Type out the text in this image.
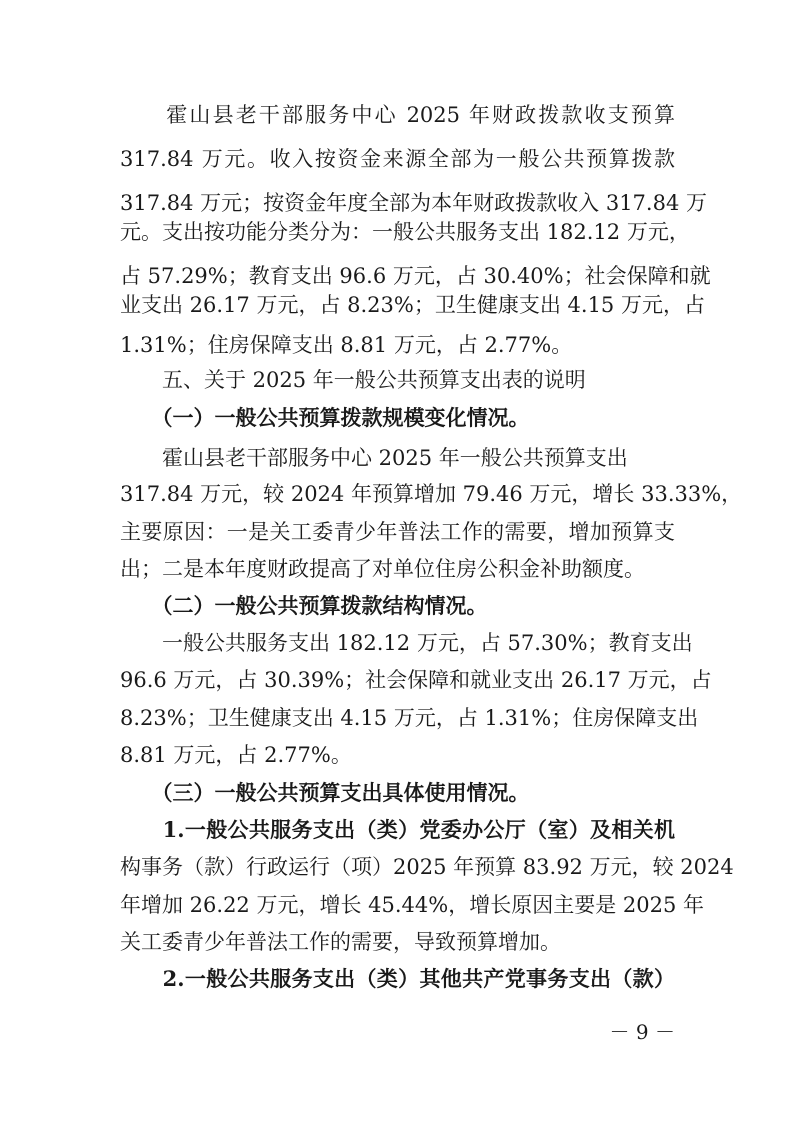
　　霍山县老干部服务中心 2025 年财政拨款收支预算
317.84 万元。收入按资金来源全部为一般公共预算拨款
317.84 万元；按资金年度全部为本年财政拨款收入 317.84 万
元。支出按功能分类分为：一般公共服务支出 182.12 万元，
占 57.29%；教育支出 96.6 万元，占 30.40%；社会保障和就
业支出 26.17 万元，占 8.23%；卫生健康支出 4.15 万元，占
1.31%；住房保障支出 8.81 万元，占 2.77%。
　　五、关于 2025 年一般公共预算支出表的说明
　　（一）一般公共预算拨款规模变化情况。
　　霍山县老干部服务中心 2025 年一般公共预算支出
317.84 万元，较 2024 年预算增加 79.46 万元，增长 33.33%，
主要原因：一是关工委青少年普法工作的需要，增加预算支
出；二是本年度财政提高了对单位住房公积金补助额度。
　　（二）一般公共预算拨款结构情况。
　　一般公共服务支出 182.12 万元，占 57.30%；教育支出
96.6 万元，占 30.39%；社会保障和就业支出 26.17 万元，占
8.23%；卫生健康支出 4.15 万元，占 1.31%；住房保障支出
8.81 万元，占 2.77%。
　　（三）一般公共预算支出具体使用情况。
　　1.一般公共服务支出（类）党委办公厅（室）及相关机
构事务（款）行政运行（项）2025 年预算 83.92 万元，较 2024
年增加 26.22 万元，增长 45.44%，增长原因主要是 2025 年
关工委青少年普法工作的需要，导致预算增加。
　　2.一般公共服务支出（类）其他共产党事务支出（款）
－ 9 －
